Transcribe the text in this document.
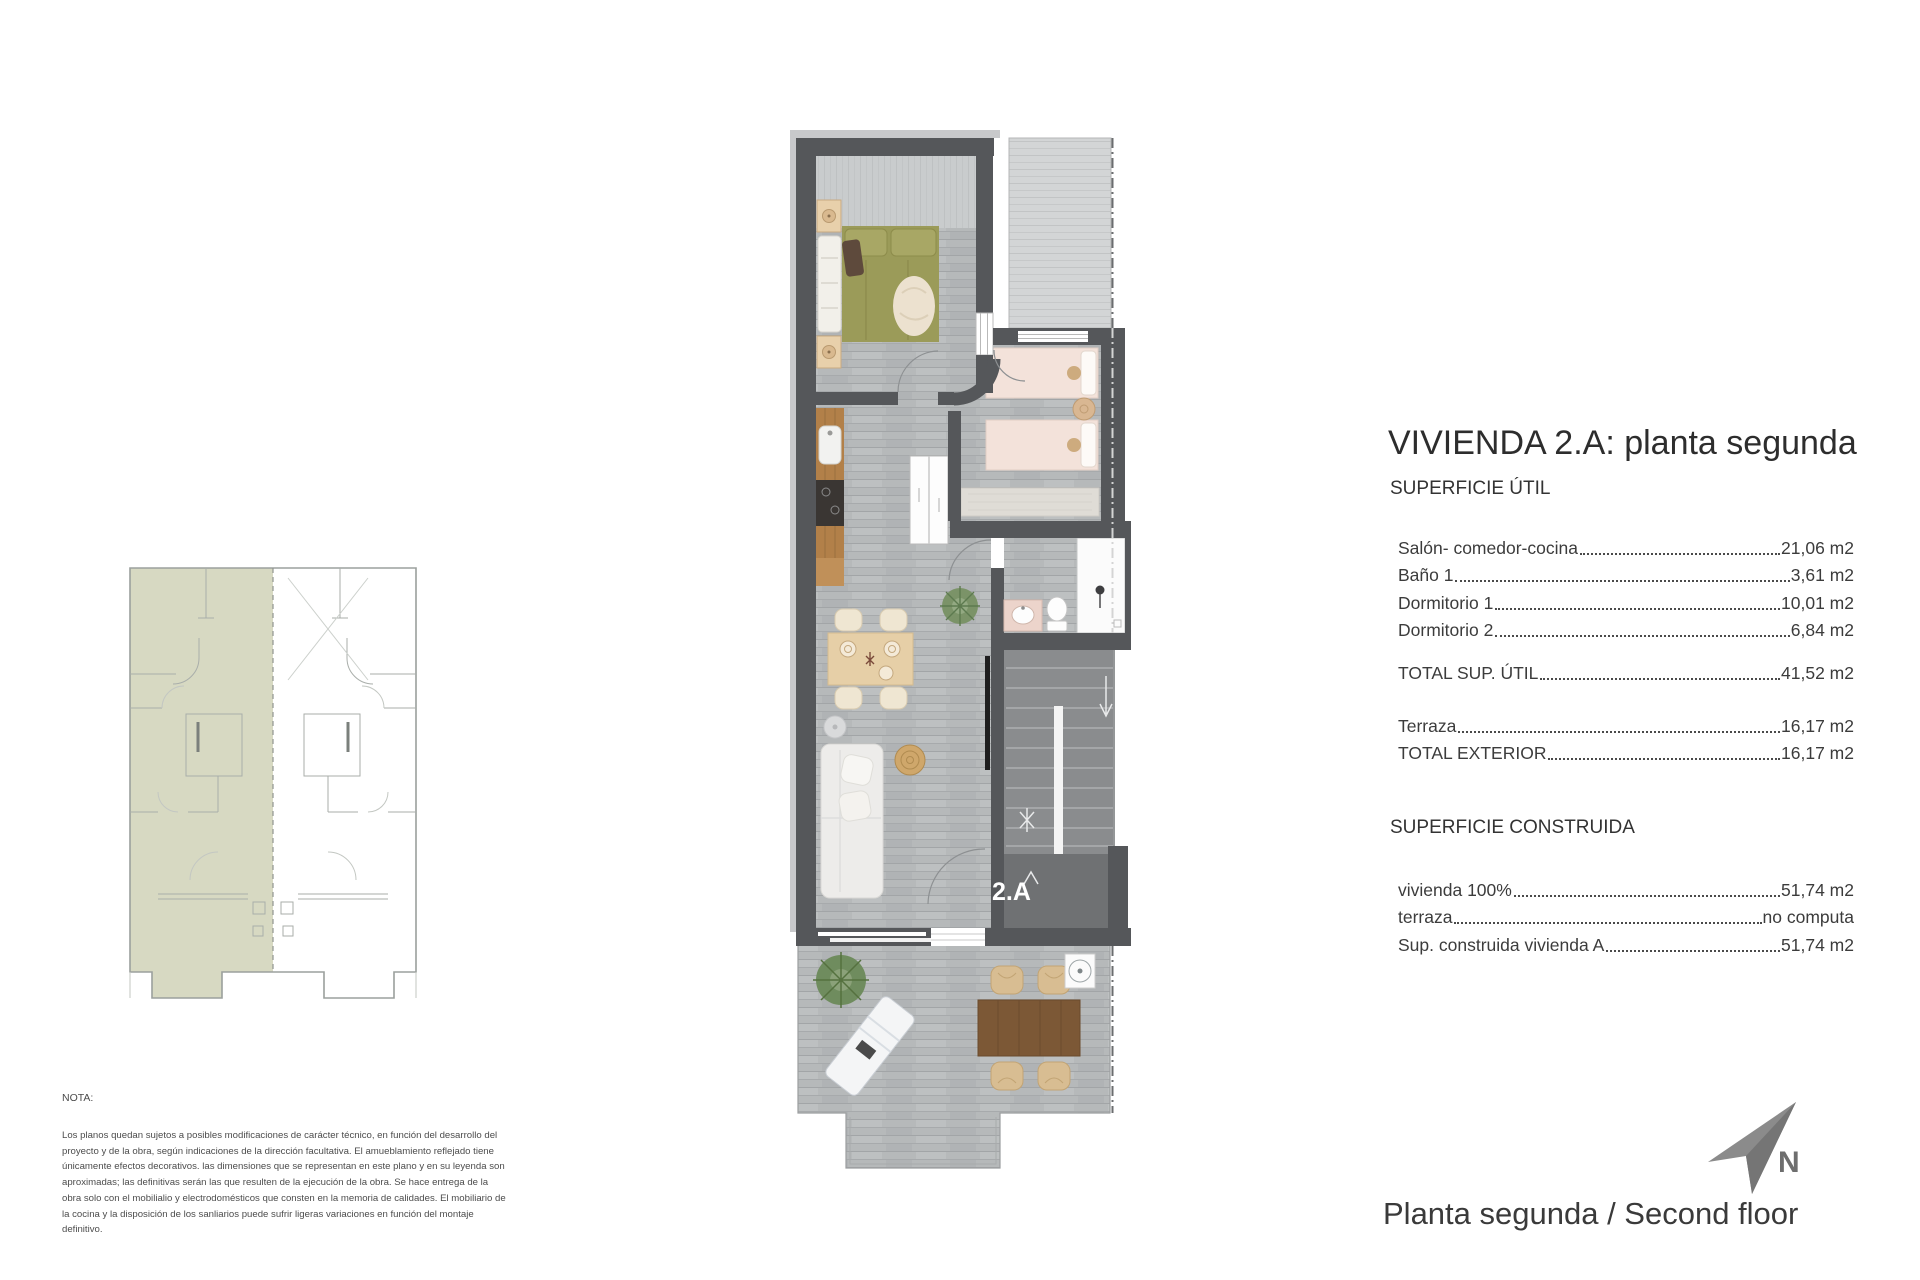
VIVIENDA 2.A: planta segunda
SUPERFICIE ÚTIL
Salón- comedor-cocina	21,06 m2
Baño 1	3,61 m2
Dormitorio 1	10,01 m2
Dormitorio 2	6,84 m2
TOTAL SUP. ÚTIL	41,52 m2
Terraza	16,17 m2
TOTAL EXTERIOR	16,17 m2
SUPERFICIE CONSTRUIDA
vivienda 100%	51,74 m2
terraza	no computa
Sup. construida vivienda A	51,74 m2
NOTA:
Los planos quedan sujetos a posibles modificaciones de carácter técnico, en función del desarrollo del proyecto y de la obra, según indicaciones de la dirección facultativa. El amueblamiento reflejado tiene únicamente efectos decorativos. las dimensiones que se representan en este plano y en su leyenda son aproximadas; las definitivas serán las que resulten de la ejecución de la obra. Se hace entrega de la obra solo con el mobilialio y electrodomésticos que consten en la memoria de calidades. El mobiliario de la cocina y la disposición de los sanliarios puede sufrir ligeras variaciones en función del montaje definitivo.	Planta segunda / Second floor
N
2.A
